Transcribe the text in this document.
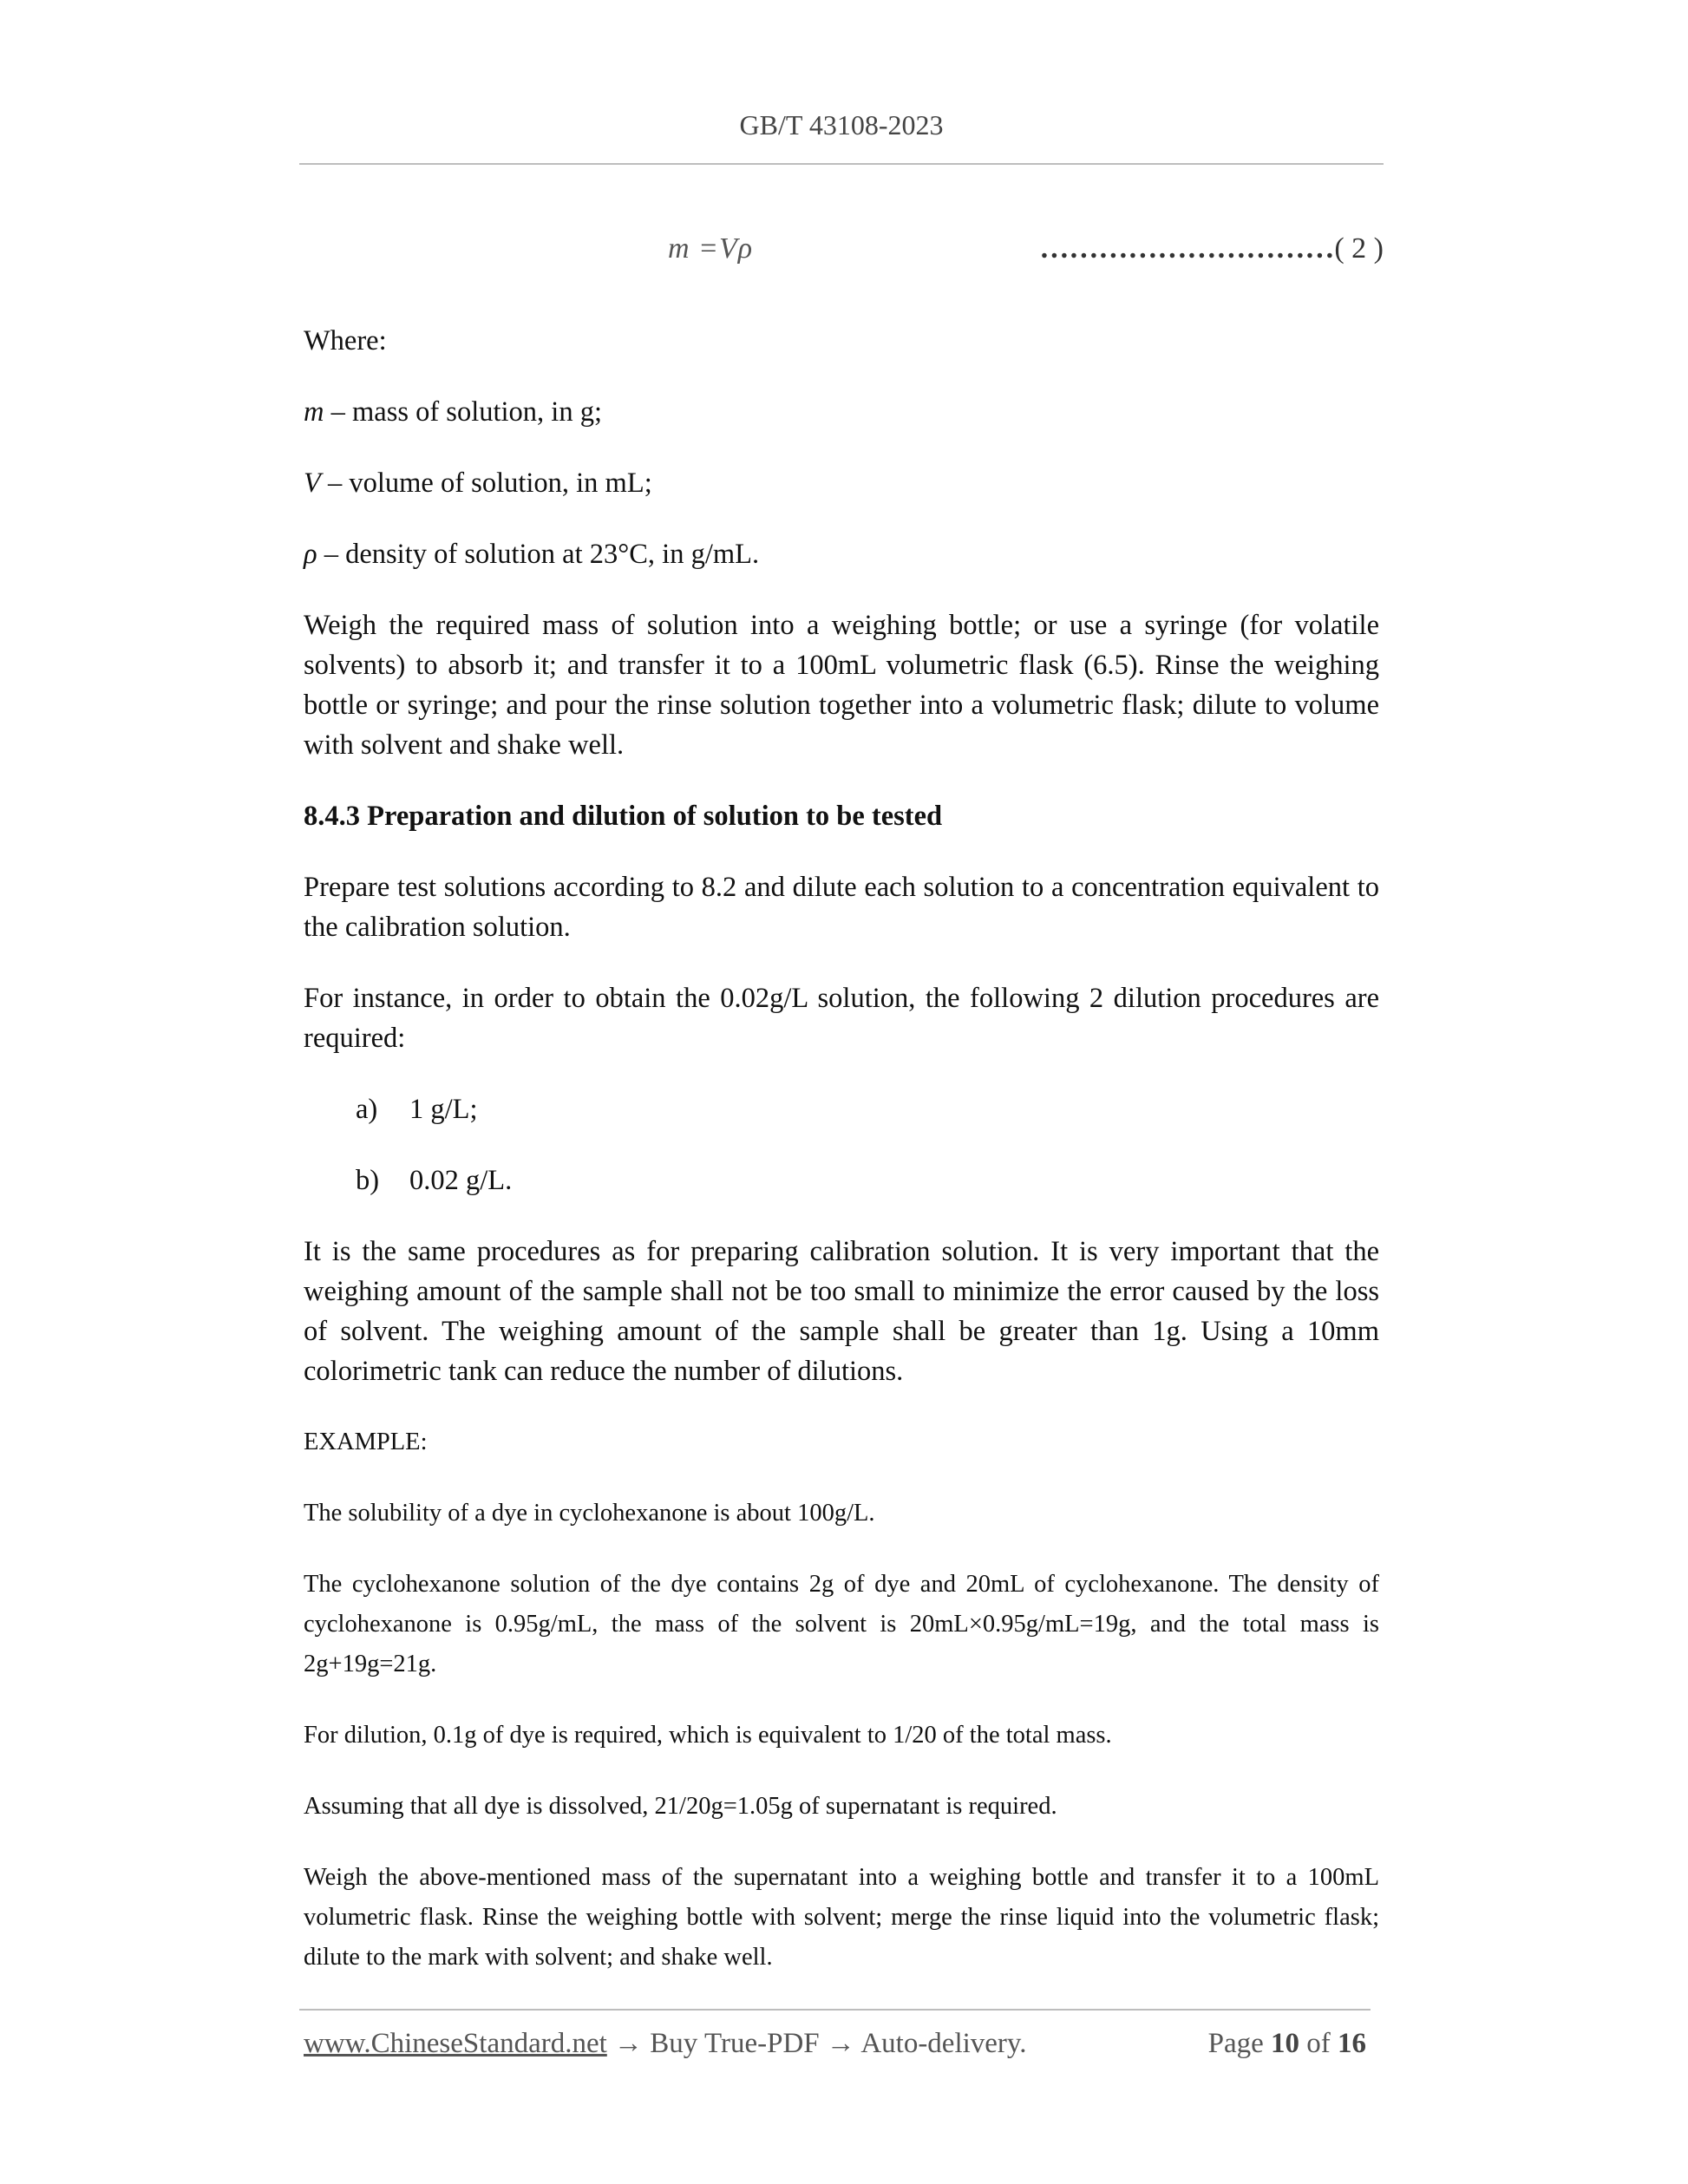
GB/T 43108-2023
m =Vρ	…………………………( 2 )

Where:

m – mass of solution, in g;

V – volume of solution, in mL;

ρ – density of solution at 23°C, in g/mL.

Weigh the required mass of solution into a weighing bottle; or use a syringe (for volatile solvents) to absorb it; and transfer it to a 100mL volumetric flask (6.5). Rinse the weighing bottle or syringe; and pour the rinse solution together into a volumetric flask; dilute to volume with solvent and shake well.

8.4.3 Preparation and dilution of solution to be tested

Prepare test solutions according to 8.2 and dilute each solution to a concentration equivalent to the calibration solution.

For instance, in order to obtain the 0.02g/L solution, the following 2 dilution procedures are required:

a) 1 g/L;
b) 0.02 g/L.

It is the same procedures as for preparing calibration solution. It is very important that the weighing amount of the sample shall not be too small to minimize the error caused by the loss of solvent. The weighing amount of the sample shall be greater than 1g. Using a 10mm colorimetric tank can reduce the number of dilutions.

EXAMPLE:

The solubility of a dye in cyclohexanone is about 100g/L.

The cyclohexanone solution of the dye contains 2g of dye and 20mL of cyclohexanone. The density of cyclohexanone is 0.95g/mL, the mass of the solvent is 20mL×0.95g/mL=19g, and the total mass is 2g+19g=21g.

For dilution, 0.1g of dye is required, which is equivalent to 1/20 of the total mass.

Assuming that all dye is dissolved, 21/20g=1.05g of supernatant is required.

Weigh the above-mentioned mass of the supernatant into a weighing bottle and transfer it to a 100mL volumetric flask. Rinse the weighing bottle with solvent; merge the rinse liquid into the volumetric flask; dilute to the mark with solvent; and shake well.

www.ChineseStandard.net → Buy True-PDF → Auto-delivery.	Page 10 of 16
